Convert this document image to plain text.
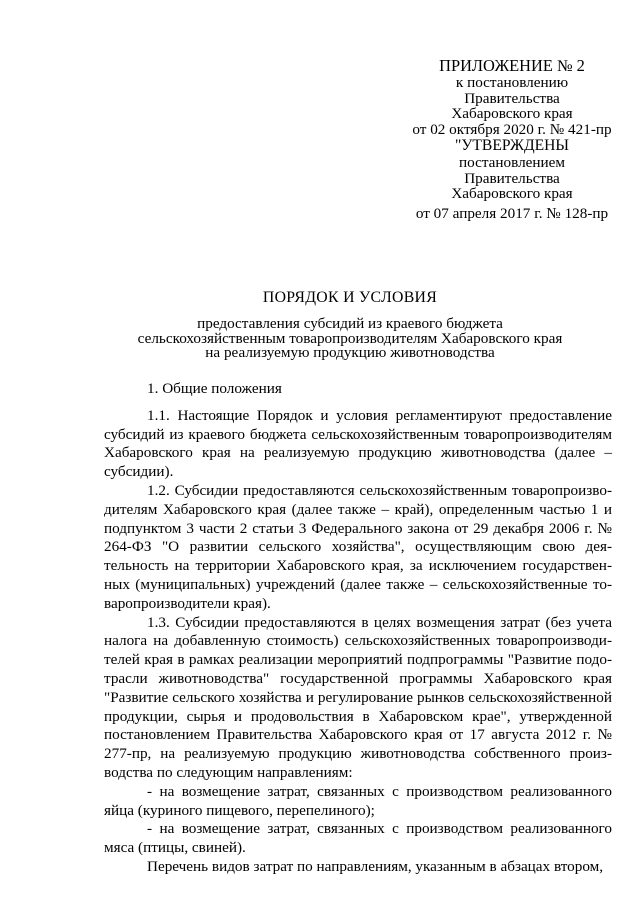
ПРИЛОЖЕНИЕ № 2
к постановлению
Правительства
Хабаровского края
от 02 октября 2020 г. № 421-пр
"УТВЕРЖДЕНЫ
постановлением
Правительства
Хабаровского края
от 07 апреля 2017 г. № 128-пр
ПОРЯДОК И УСЛОВИЯ
предоставления субсидий из краевого бюджета
сельскохозяйственным товаропроизводителям Хабаровского края
на реализуемую продукцию животноводства

1. Общие положения

1.1. Настоящие Порядок и условия регламентируют предоставление субсидий из краевого бюджета сельскохозяйственным товаропроизводителям Хабаровского края на реализуемую продукцию животноводства (далее – субсидии).

1.2. Субсидии предоставляются сельскохозяйственным товаропроизводителям Хабаровского края (далее также – край), определенным частью 1 и подпунктом 3 части 2 статьи 3 Федерального закона от 29 декабря 2006 г. № 264-ФЗ "О развитии сельского хозяйства", осуществляющим свою деятельность на территории Хабаровского края, за исключением государственных (муниципальных) учреждений (далее также – сельскохозяйственные товаропроизводители края).

1.3. Субсидии предоставляются в целях возмещения затрат (без учета налога на добавленную стоимость) сельскохозяйственных товаропроизводителей края в рамках реализации мероприятий подпрограммы "Развитие подотрасли животноводства" государственной программы Хабаровского края "Развитие сельского хозяйства и регулирование рынков сельскохозяйственной продукции, сырья и продовольствия в Хабаровском крае", утвержденной постановлением Правительства Хабаровского края от 17 августа 2012 г. № 277-пр, на реализуемую продукцию животноводства собственного производства по следующим направлениям:

- на возмещение затрат, связанных с производством реализованного яйца (куриного пищевого, перепелиного);

- на возмещение затрат, связанных с производством реализованного мяса (птицы, свиней).

Перечень видов затрат по направлениям, указанным в абзацах втором,
